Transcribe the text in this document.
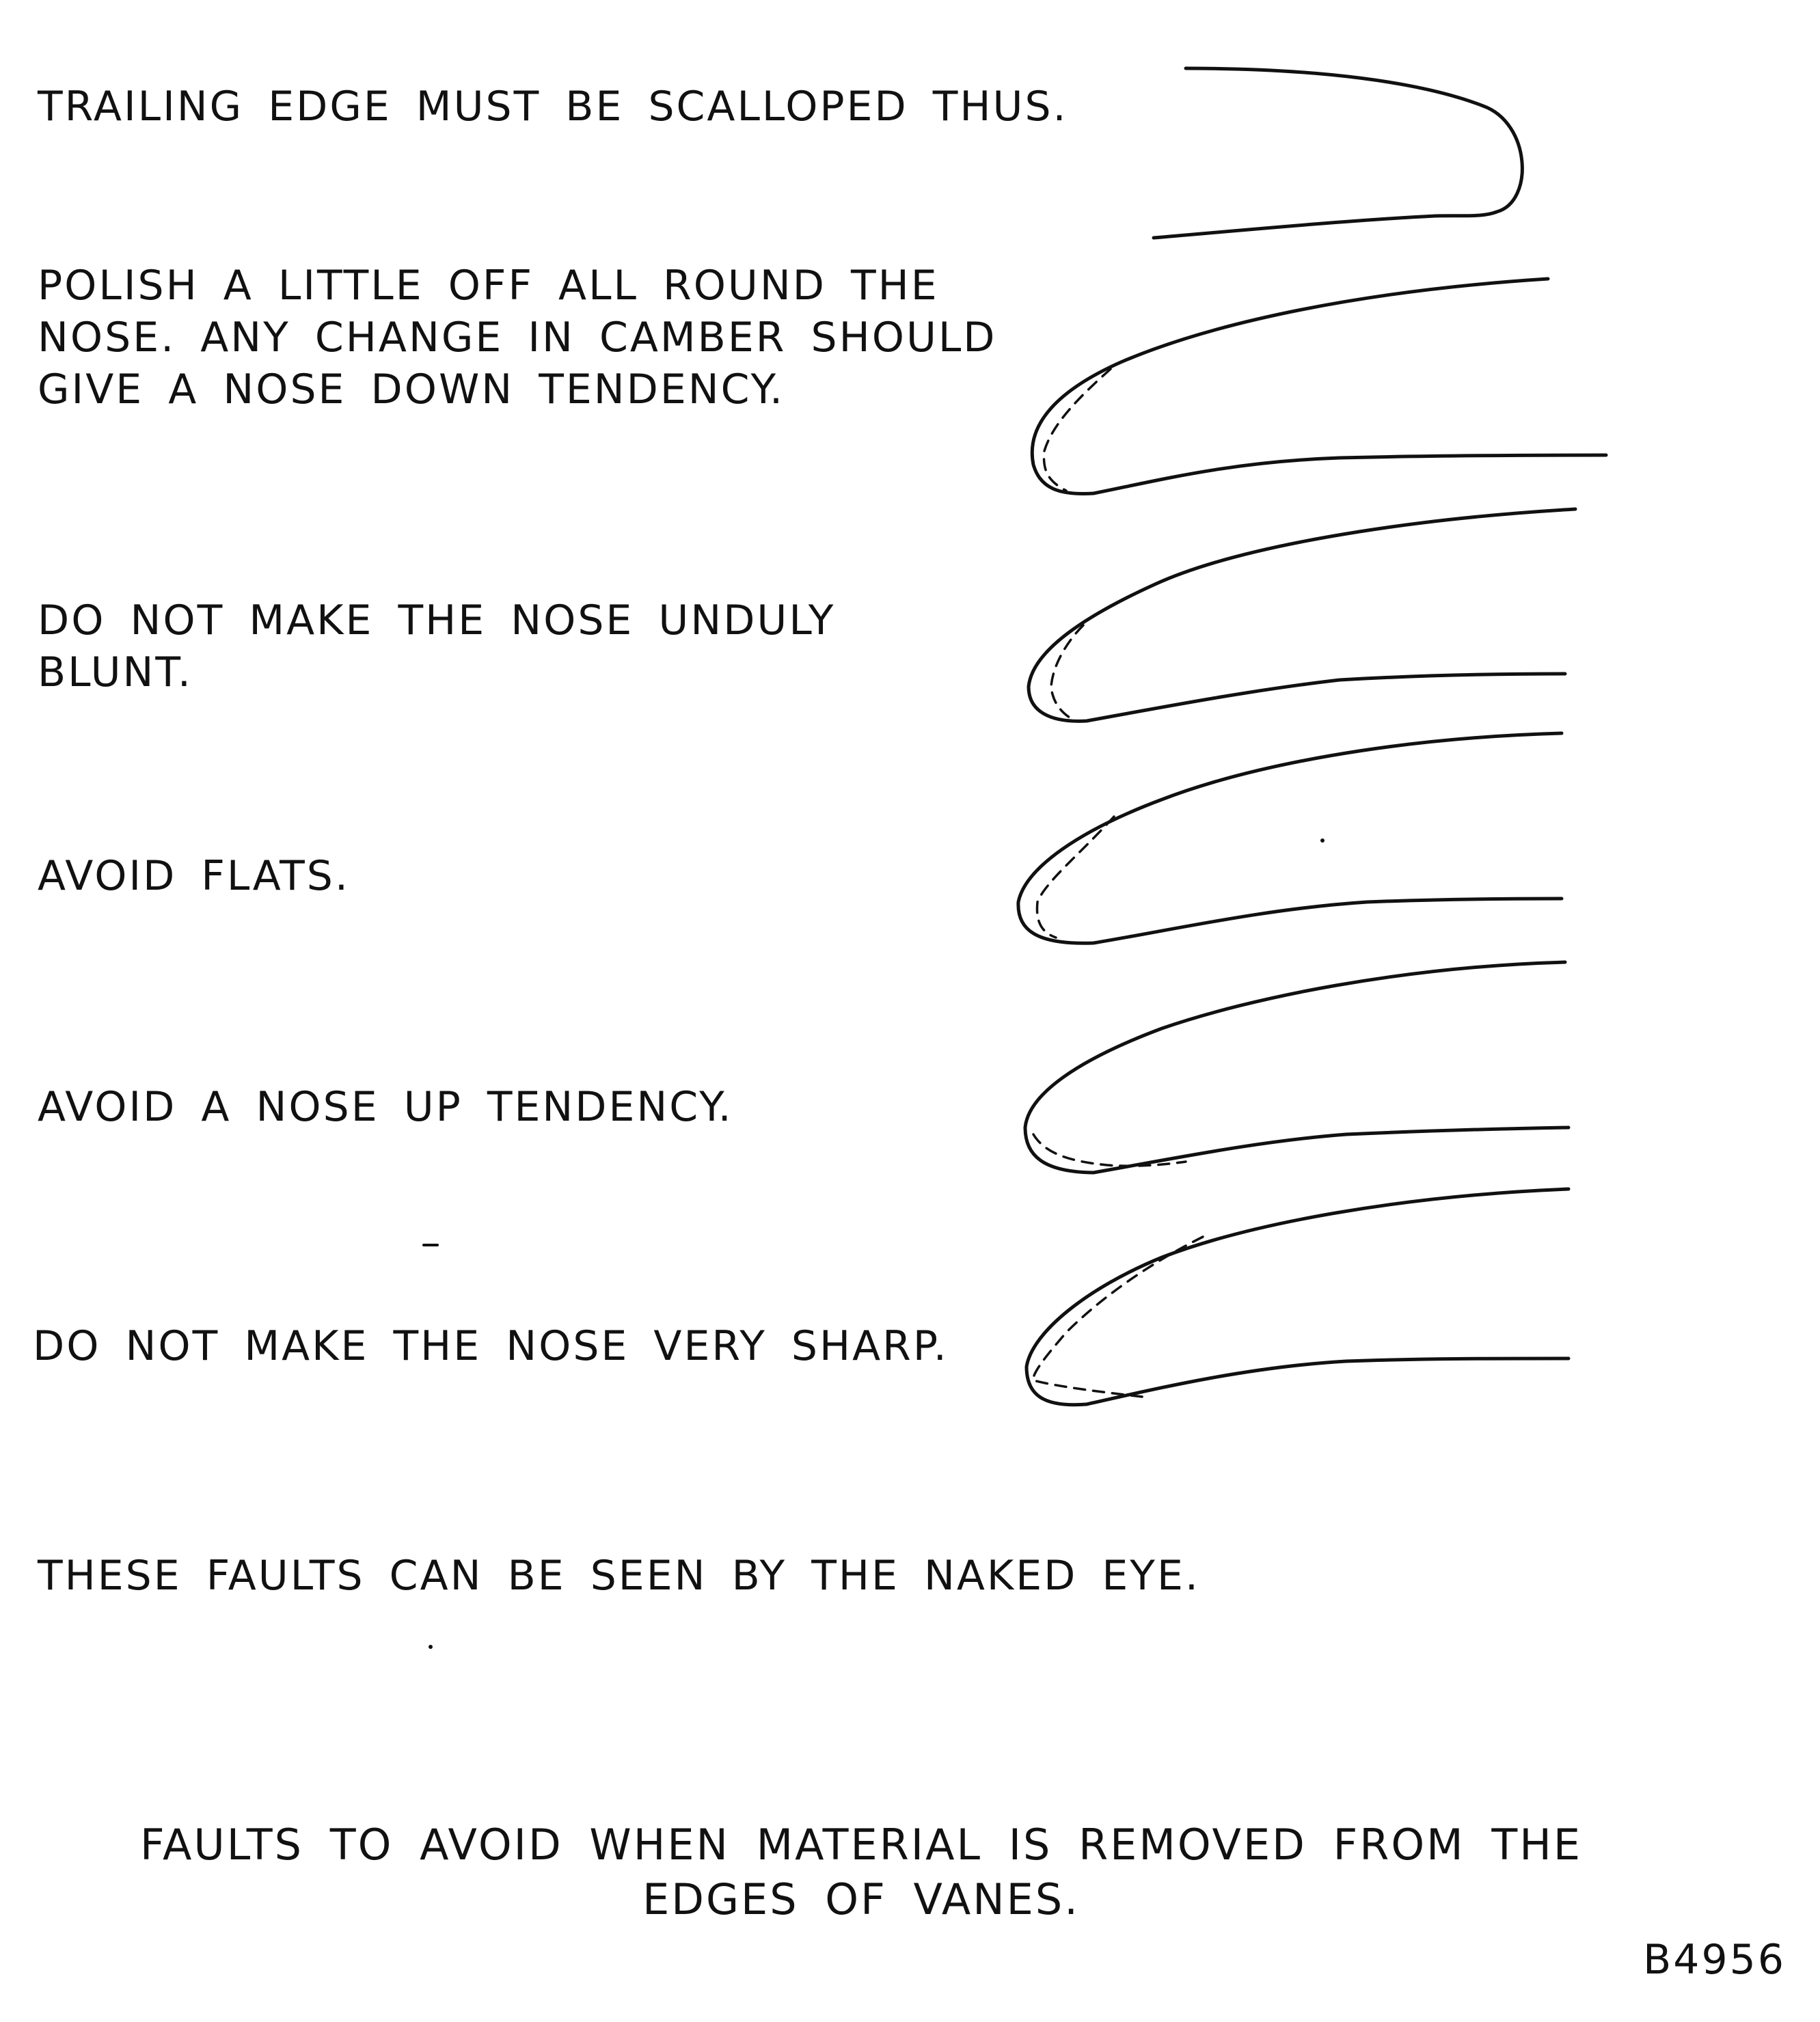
TRAILING EDGE MUST BE SCALLOPED THUS.
POLISH A LITTLE OFF ALL ROUND THE
NOSE. ANY CHANGE IN CAMBER SHOULD
GIVE A NOSE DOWN TENDENCY.
DO NOT MAKE THE NOSE UNDULY
BLUNT.
AVOID FLATS.
AVOID A NOSE UP TENDENCY.
DO NOT MAKE THE NOSE VERY SHARP.
THESE FAULTS CAN BE SEEN BY THE NAKED EYE.
FAULTS TO AVOID WHEN MATERIAL IS REMOVED FROM THE
EDGES OF VANES.
B4956
